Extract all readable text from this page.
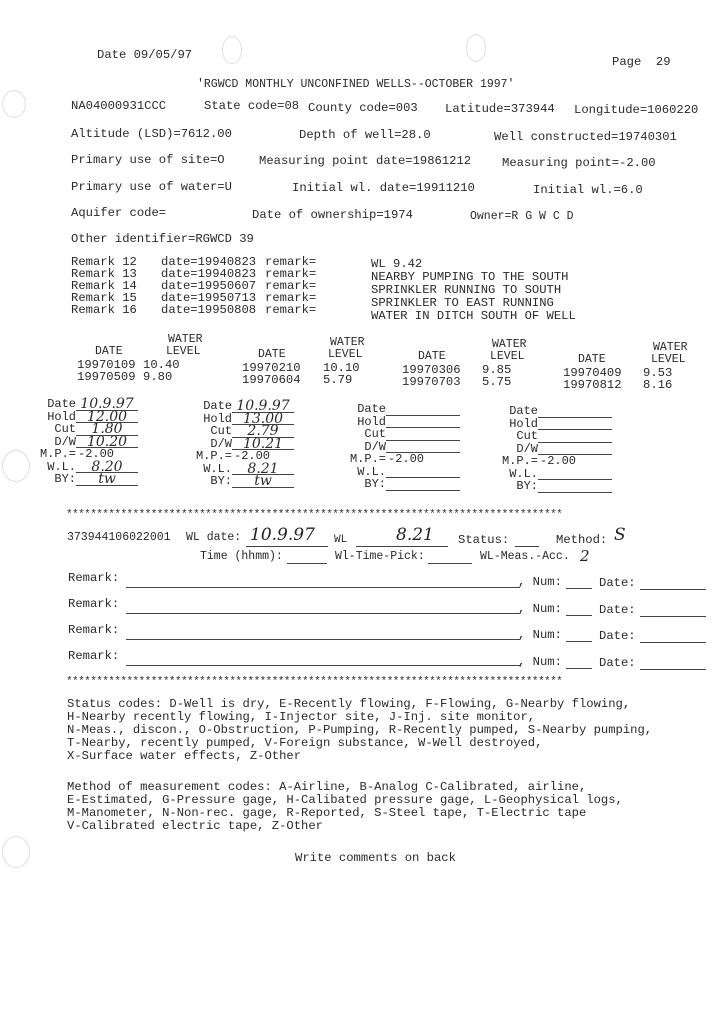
Date 09/05/97	Page  29
'RGWCD MONTHLY UNCONFINED WELLS--OCTOBER 1997'
NA04000931CCC	State code=08 County code=003 Latitude=373944 Longitude=1060220
Altitude (LSD)=7612.00	Depth of well=28.0	Well constructed=19740301
Primary use of site=O	Measuring point date=19861212	Measuring point=-2.00
Primary use of water=U	Initial wl. date=19911210	Initial wl.=6.0
Aquifer code=	Date of ownership=1974	Owner=R G W C D
Other identifier=RGWCD 39
Remark 12 date=19940823 remark=	WL 9.42
Remark 13 date=19940823 remark=	NEARBY PUMPING TO THE SOUTH
Remark 14 date=19950607 remark=	SPRINKLER RUNNING TO SOUTH
Remark 15 date=19950713 remark=	SPRINKLER TO EAST RUNNING
Remark 16 date=19950808 remark=	WATER IN DITCH SOUTH OF WELL
WATER
DATE	LEVEL
19970109 10.40
19970509 9.80
WATER
DATE	LEVEL
19970210 10.10
19970604 5.79
WATER
DATE	LEVEL
19970306 9.85
19970703 5.75
WATER
DATE	LEVEL
19970409 9.53
19970812 8.16
Date 10.9.97
Hold 12.00
Cut	1.80
D/W 10.20
M.P.= -2.00
W.L.	8.20
BY:	tw
Date 10.9.97
Hold 13.00
Cut	2.79
D/W 10.21
M.P.= -2.00
W.L.	8.21
BY:	tw
Date
Hold
Cut
D/W
M.P.= -2.00
W.L.
BY:
Date
Hold
Cut
D/W
M.P.= -2.00
W.L.
BY:
**********************************************************************************
373944106022001 WL date: 10.9.97 WL	8.21 Status:	Method: S
Time (hhmm):	Wl-Time-Pick:	WL-Meas.-Acc. 2
Remark:	, Num:	Date:
Remark:	, Num:	Date:
Remark:	, Num:	Date:
Remark:	, Num:	Date:
**********************************************************************************
Status codes: D-Well is dry, E-Recently flowing, F-Flowing, G-Nearby flowing,
H-Nearby recently flowing, I-Injector site, J-Inj. site monitor,
N-Meas., discon., O-Obstruction, P-Pumping, R-Recently pumped, S-Nearby pumping,
T-Nearby, recently pumped, V-Foreign substance, W-Well destroyed,
X-Surface water effects, Z-Other
Method of measurement codes: A-Airline, B-Analog C-Calibrated, airline,
E-Estimated, G-Pressure gage, H-Calibated pressure gage, L-Geophysical logs,
M-Manometer, N-Non-rec. gage, R-Reported, S-Steel tape, T-Electric tape
V-Calibrated electric tape, Z-Other
Write comments on back
